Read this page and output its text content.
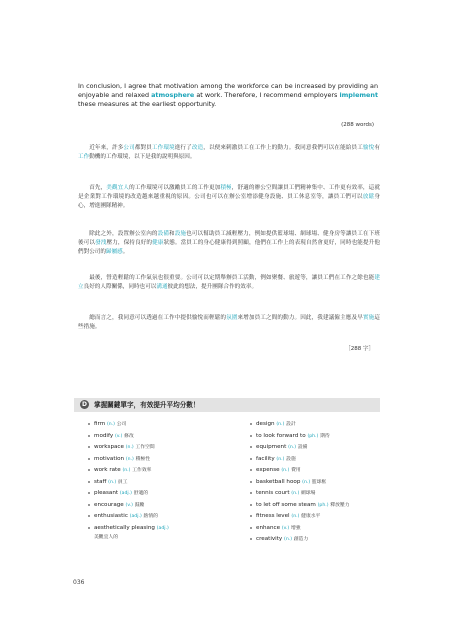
In conclusion, I agree that motivation among the workforce can be increased by providing an enjoyable and relaxed atmosphere at work. Therefore, I recommend employers implement these measures at the earliest opportunity.
(288 words)
近年來，許多公司都對員工作環境進行了改造，以便來刺激員工在工作上的動力。我同意我們可以在能給員工愉悅有工作動機的工作環境，以下是我的說明與原因。
首先，美觀宜人的工作環境可以激勵員工的工作更加積極，舒適的辦公空間讓員工們精神集中、工作更有效率，這就是企業對工作環境的改造越來越重視的原因。公司也可以在辦公室增添健身設施、員工休息室等，讓員工們可以放鬆身心，增進團隊精神。
除此之外，設置辦公室內的設備和設施也可以幫助員工減輕壓力，例如提供籃球場、網球場、健身房等讓員工在下班後可以發洩壓力，保持良好的健康狀態。當員工的身心健康得到照顧，他們在工作上的表現自然會更好，同時也能提升他們對公司的歸屬感。
最後，營造輕鬆的工作氣氛也很重要。公司可以定期舉辦員工活動，例如聚餐、旅遊等，讓員工們在工作之餘也能建立良好的人際關係，同時也可以溝通彼此的想法，提升團隊合作的效率。
總而言之，我同意可以透過在工作中提供愉悅而輕鬆的氛圍來增加員工之間的動力。因此，我建議僱主應及早實施這些措施。
［288 字］
D	掌握關鍵單字，有效提升平均分數！
firm (n.) 公司
modify (v.) 修改
workspace (n.) 工作空間
motivation (n.) 積極性
work rate (n.) 工作效率
staff (n.) 員工
pleasant (adj.) 舒適的
encourage (v.) 鼓勵
enthusiastic (adj.) 熱情的
aesthetically pleasing (adj.)
美觀宜人的
design (n.) 設計
to look forward to (ph.) 期待
equipment (n.) 設備
facility (n.) 設施
expense (n.) 費用
basketball hoop (n.) 籃球框
tennis court (n.) 網球場
to let off some steam (ph.) 釋放壓力
fitness level (n.) 健康水平
enhance (v.) 增強
creativity (n.) 創造力
036
